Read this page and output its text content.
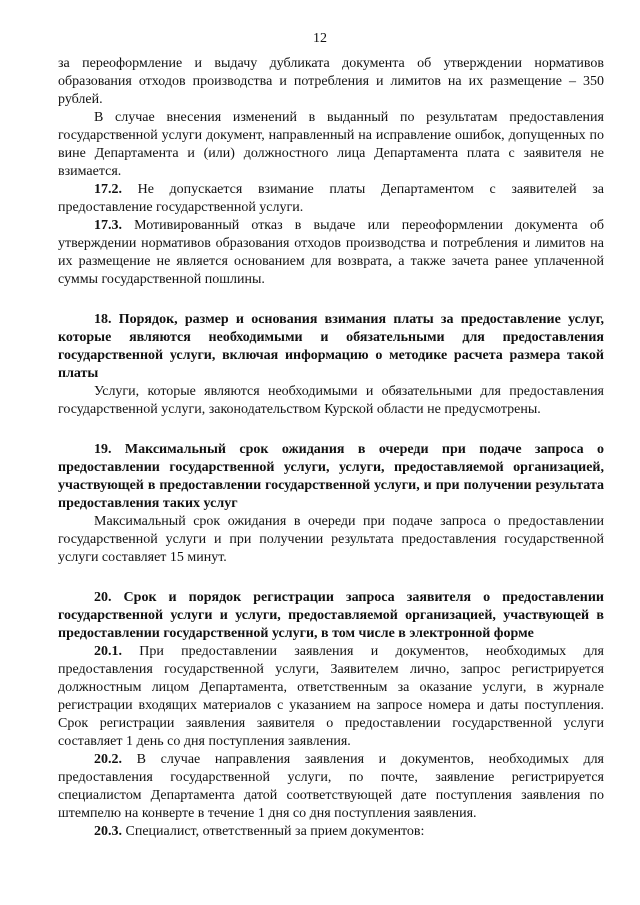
12

за переоформление и выдачу дубликата документа об утверждении нормативов образования отходов производства и потребления и лимитов на их размещение – 350 рублей.

В случае внесения изменений в выданный по результатам предоставления государственной услуги документ, направленный на исправление ошибок, допущенных по вине Департамента и (или) должностного лица Департамента плата с заявителя не взимается.

17.2. Не допускается взимание платы Департаментом с заявителей за предоставление государственной услуги.

17.3. Мотивированный отказ в выдаче или переоформлении документа об утверждении нормативов образования отходов производства и потребления и лимитов на их размещение не является основанием для возврата, а также зачета ранее уплаченной суммы государственной пошлины.

18. Порядок, размер и основания взимания платы за предоставление услуг, которые являются необходимыми и обязательными для предоставления государственной услуги, включая информацию о методике расчета размера такой платы

Услуги, которые являются необходимыми и обязательными для предоставления государственной услуги, законодательством Курской области не предусмотрены.

19. Максимальный срок ожидания в очереди при подаче запроса о предоставлении государственной услуги, услуги, предоставляемой организацией, участвующей в предоставлении государственной услуги, и при получении результата предоставления таких услуг

Максимальный срок ожидания в очереди при подаче запроса о предоставлении государственной услуги и при получении результата предоставления государственной услуги составляет 15 минут.

20. Срок и порядок регистрации запроса заявителя о предоставлении государственной услуги и услуги, предоставляемой организацией, участвующей в предоставлении государственной услуги, в том числе в электронной форме

20.1. При предоставлении заявления и документов, необходимых для предоставления государственной услуги, Заявителем лично, запрос регистрируется должностным лицом Департамента, ответственным за оказание услуги, в журнале регистрации входящих материалов с указанием на запросе номера и даты поступления. Срок регистрации заявления заявителя о предоставлении государственной услуги составляет 1 день со дня поступления заявления.

20.2. В случае направления заявления и документов, необходимых для предоставления государственной услуги, по почте, заявление регистрируется специалистом Департамента датой соответствующей дате поступления заявления по штемпелю на конверте в течение 1 дня со дня поступления заявления.

20.3. Специалист, ответственный за прием документов:
